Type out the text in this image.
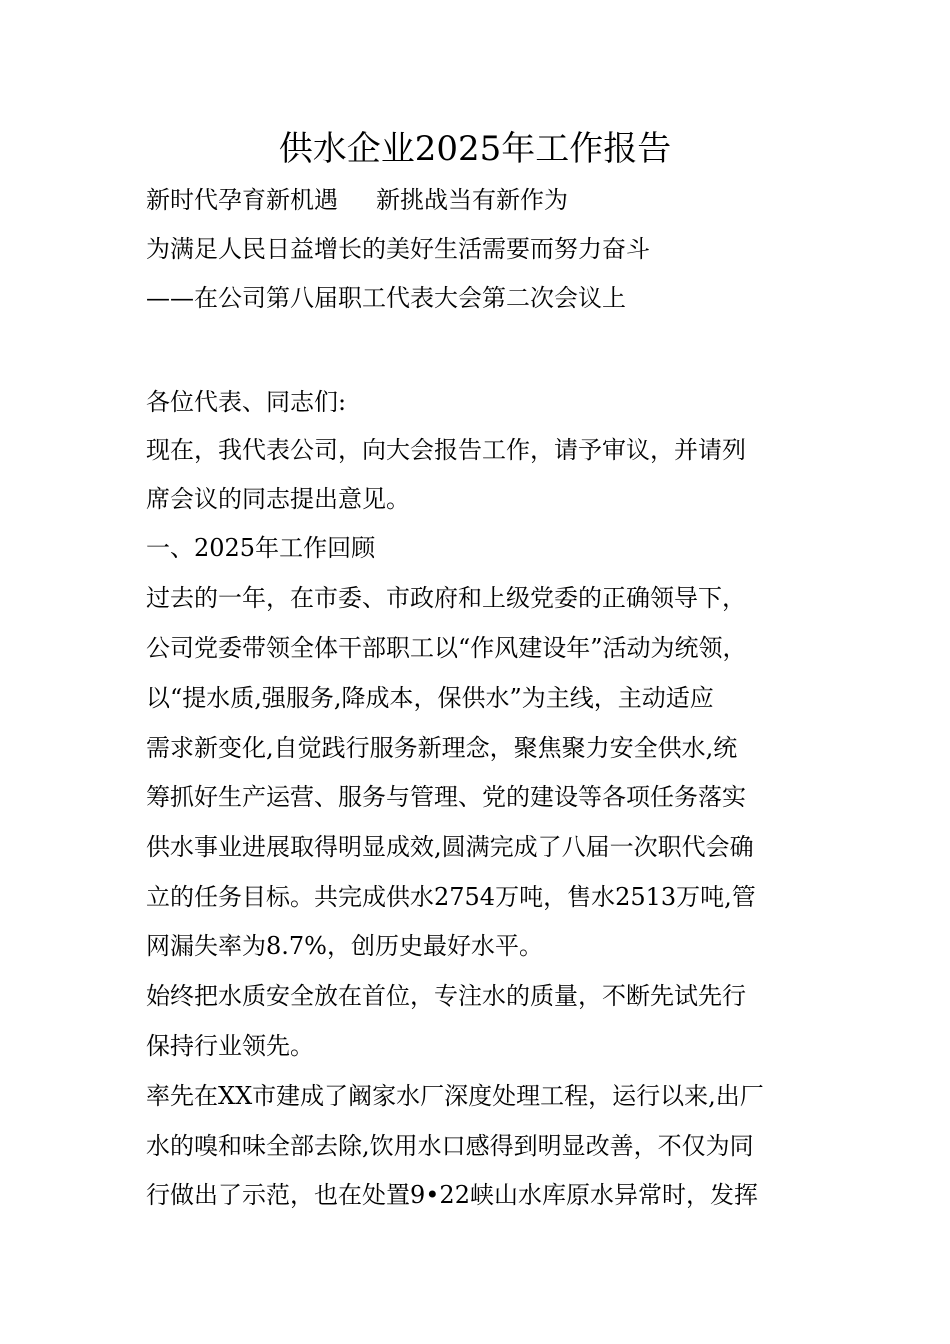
供水企业2025年工作报告
新时代孕育新机遇 新挑战当有新作为
为满足人民日益增长的美好生活需要而努力奋斗
——在公司第八届职工代表大会第二次会议上
各位代表、同志们:
现在，我代表公司，向大会报告工作，请予审议，并请列
席会议的同志提出意见。
一、2025年工作回顾
过去的一年，在市委、市政府和上级党委的正确领导下，
公司党委带领全体干部职工以“作风建设年”活动为统领，
以“提水质,强服务,降成本，保供水”为主线，主动适应
需求新变化,自觉践行服务新理念，聚焦聚力安全供水,统
筹抓好生产运营、服务与管理、党的建设等各项任务落实
供水事业进展取得明显成效,圆满完成了八届一次职代会确
立的任务目标。共完成供水2754万吨，售水2513万吨,管
网漏失率为8.7%，创历史最好水平。
始终把水质安全放在首位，专注水的质量，不断先试先行
保持行业领先。
率先在XX市建成了阚家水厂深度处理工程，运行以来,出厂
水的嗅和味全部去除,饮用水口感得到明显改善，不仅为同
行做出了示范，也在处置9•22峡山水库原水异常时，发挥
